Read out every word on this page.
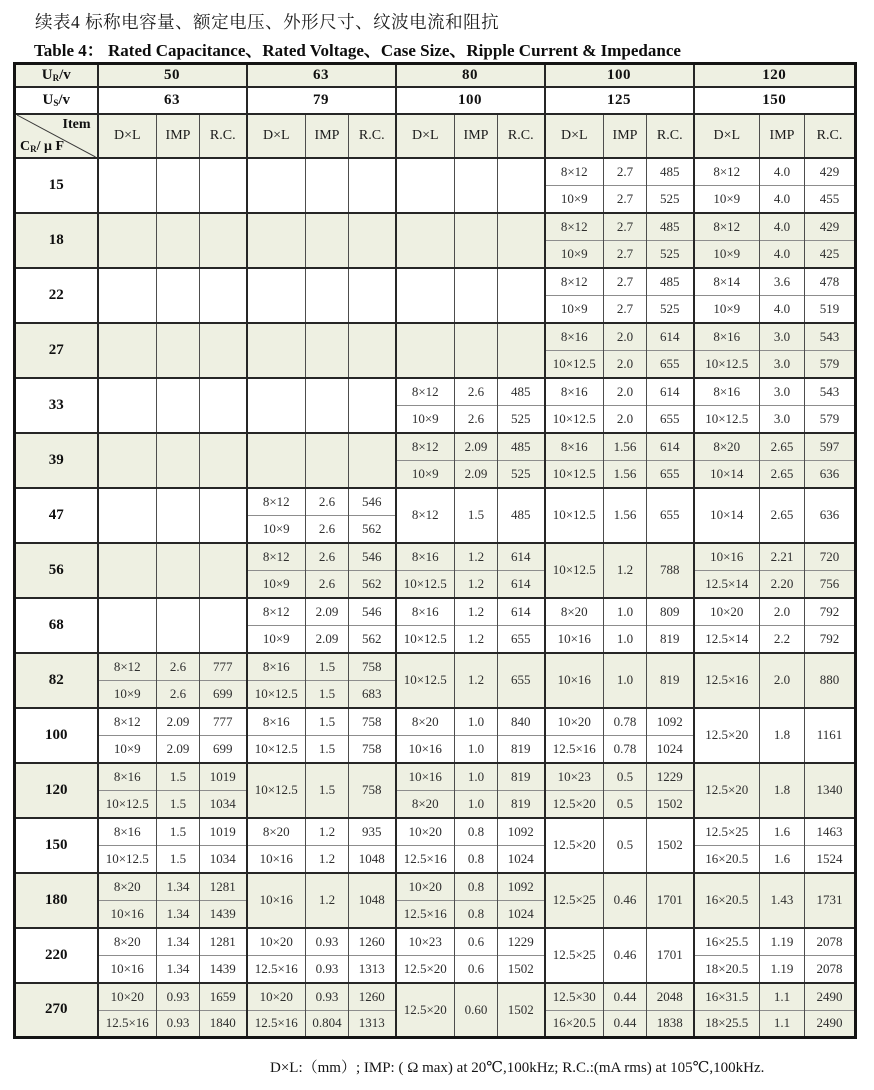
续表4 标称电容量、额定电压、外形尺寸、纹波电流和阻抗
Table 4： Rated Capacitance、Rated Voltage、Case Size、Ripple Current & Impedance
$U_R/v$	50			63			80			100			120		
$U_S/v$	63			79			100			125			150		

Item
$C_R/$ μ F	D×L	IMP	R.C.	D×L	IMP	R.C.	D×L	IMP	R.C.	D×L	IMP	R.C.	D×L	IMP	R.C.
15										8×12	2.7	485	8×12	4.0	429
										10×9	2.7	525	10×9	4.0	455
18										8×12	2.7	485	8×12	4.0	429
										10×9	2.7	525	10×9	4.0	425
22										8×12	2.7	485	8×14	3.6	478
										10×9	2.7	525	10×9	4.0	519
27										8×16	2.0	614	8×16	3.0	543
										10×12.5	2.0	655	10×12.5	3.0	579
33							8×12	2.6	485	8×16	2.0	614	8×16	3.0	543
							10×9	2.6	525	10×12.5	2.0	655	10×12.5	3.0	579
39							8×12	2.09	485	8×16	1.56	614	8×20	2.65	597
							10×9	2.09	525	10×12.5	1.56	655	10×14	2.65	636
47				8×12	2.6	546	8×12	1.5	485	10×12.5	1.56	655	10×14	2.65	636
				10×9	2.6	562									
56				8×12	2.6	546	8×16	1.2	614	10×12.5	1.2	788	10×16	2.21	720
				10×9	2.6	562	10×12.5	1.2	614				12.5×14	2.20	756
68				8×12	2.09	546	8×16	1.2	614	8×20	1.0	809	10×20	2.0	792
				10×9	2.09	562	10×12.5	1.2	655	10×16	1.0	819	12.5×14	2.2	792
82	8×12	2.6	777	8×16	1.5	758	10×12.5	1.2	655	10×16	1.0	819	12.5×16	2.0	880
	10×9	2.6	699	10×12.5	1.5	683									
100	8×12	2.09	777	8×16	1.5	758	8×20	1.0	840	10×20	0.78	1092	12.5×20	1.8	1161
	10×9	2.09	699	10×12.5	1.5	758	10×16	1.0	819	12.5×16	0.78	1024			
120	8×16	1.5	1019	10×12.5	1.5	758	10×16	1.0	819	10×23	0.5	1229	12.5×20	1.8	1340
	10×12.5	1.5	1034				8×20	1.0	819	12.5×20	0.5	1502			
150	8×16	1.5	1019	8×20	1.2	935	10×20	0.8	1092	12.5×20	0.5	1502	12.5×25	1.6	1463
	10×12.5	1.5	1034	10×16	1.2	1048	12.5×16	0.8	1024				16×20.5	1.6	1524
180	8×20	1.34	1281	10×16	1.2	1048	10×20	0.8	1092	12.5×25	0.46	1701	16×20.5	1.43	1731
	10×16	1.34	1439				12.5×16	0.8	1024						
220	8×20	1.34	1281	10×20	0.93	1260	10×23	0.6	1229	12.5×25	0.46	1701	16×25.5	1.19	2078
	10×16	1.34	1439	12.5×16	0.93	1313	12.5×20	0.6	1502				18×20.5	1.19	2078
270	10×20	0.93	1659	10×20	0.93	1260	12.5×20	0.60	1502	12.5×30	0.44	2048	16×31.5	1.1	2490
	12.5×16	0.93	1840	12.5×16	0.804	1313				16×20.5	0.44	1838	18×25.5	1.1	2490
D×L:（mm）; IMP: ( Ω max) at 20℃,100kHz; R.C.:(mA rms) at 105℃,100kHz.
